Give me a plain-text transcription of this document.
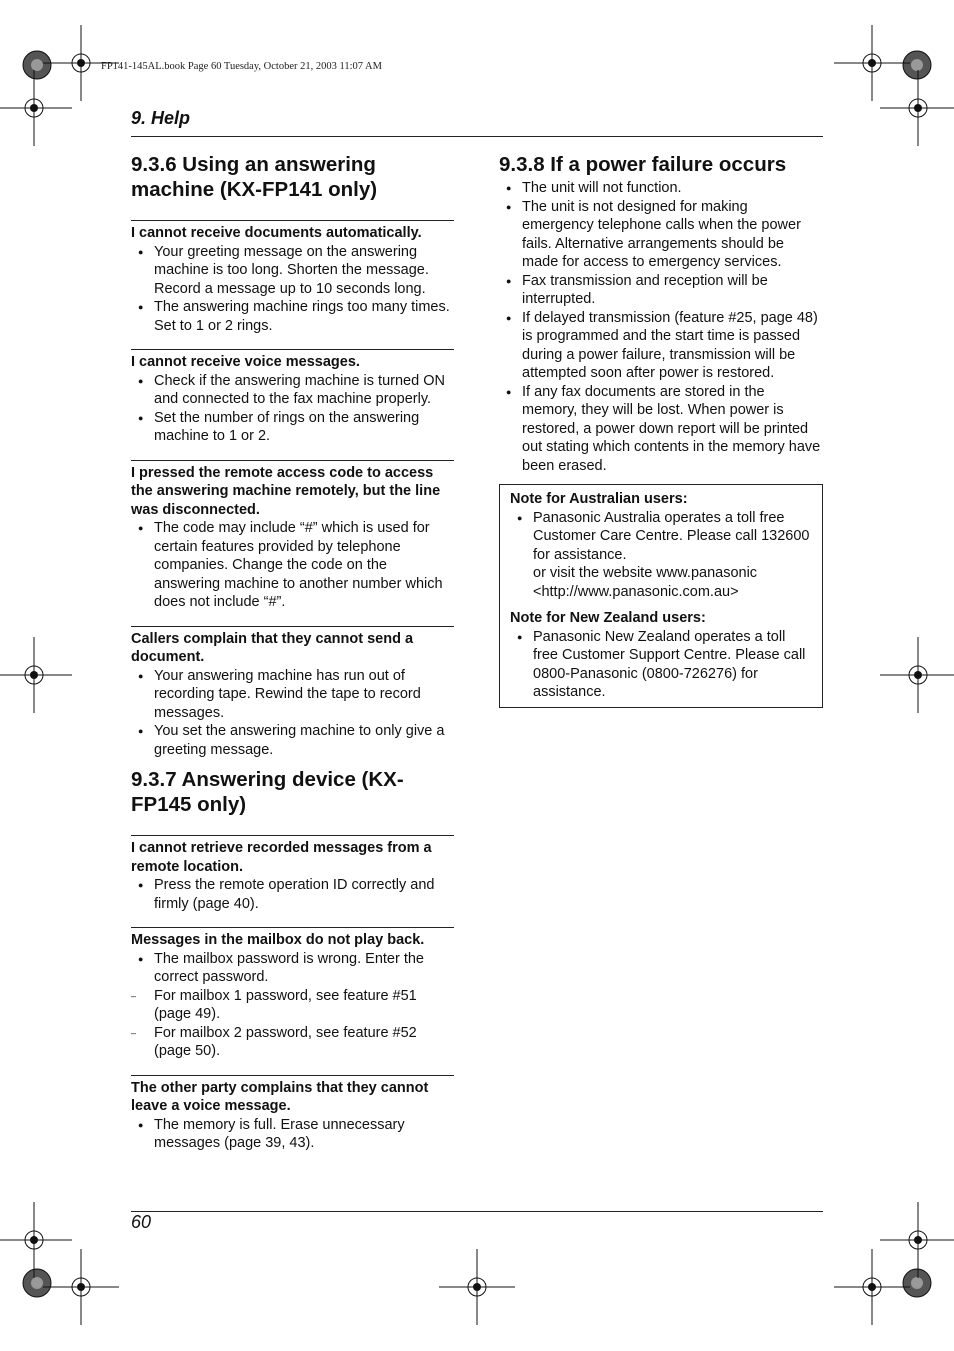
FP141-145AL.book Page 60 Tuesday, October 21, 2003 11:07 AM
9. Help
9.3.6 Using an answering machine (KX-FP141 only)

I cannot receive documents automatically.

● Your greeting message on the answering machine is too long. Shorten the message. Record a message up to 10 seconds long.
● The answering machine rings too many times. Set to 1 or 2 rings.

I cannot receive voice messages.

● Check if the answering machine is turned ON and connected to the fax machine properly.
● Set the number of rings on the answering machine to 1 or 2.

I pressed the remote access code to access the answering machine remotely, but the line was disconnected.

● The code may include “#” which is used for certain features provided by telephone companies. Change the code on the answering machine to another number which does not include “#”.

Callers complain that they cannot send a document.

● Your answering machine has run out of recording tape. Rewind the tape to record messages.
● You set the answering machine to only give a greeting message.
9.3.7 Answering device (KX-FP145 only)

I cannot retrieve recorded messages from a remote location.

● Press the remote operation ID correctly and firmly (page 40).

Messages in the mailbox do not play back.

● The mailbox password is wrong. Enter the correct password.
– For mailbox 1 password, see feature #51 (page 49).
– For mailbox 2 password, see feature #52 (page 50).

The other party complains that they cannot leave a voice message.

● The memory is full. Erase unnecessary messages (page 39, 43).
9.3.8 If a power failure occurs
● The unit will not function.
● The unit is not designed for making emergency telephone calls when the power fails. Alternative arrangements should be made for access to emergency services.
● Fax transmission and reception will be interrupted.
● If delayed transmission (feature #25, page 48) is programmed and the start time is passed during a power failure, transmission will be attempted soon after power is restored.
● If any fax documents are stored in the memory, they will be lost. When power is restored, a power down report will be printed out stating which contents in the memory have been erased.

Note for Australian users:

● Panasonic Australia operates a toll free Customer Care Centre. Please call 132600 for assistance.
or visit the website www.panasonic
<http://www.panasonic.com.au>

Note for New Zealand users:

● Panasonic New Zealand operates a toll free Customer Support Centre. Please call 0800-Panasonic (0800-726276) for assistance.
60
